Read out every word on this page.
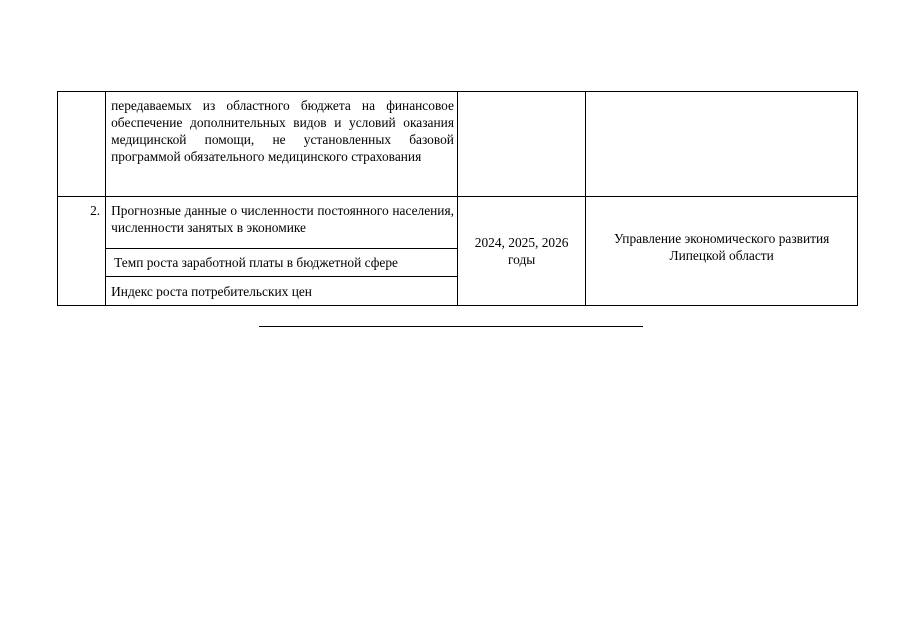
	передаваемых из областного бюджета на финансовое обеспечение дополнительных видов и условий оказания медицинской помощи, не установленных базовой программой обязательного медицинского страхования		
2.	Прогнозные данные о численности постоянного населения, численности занятых в экономике	2024, 2025, 2026 годы	Управление экономического развития Липецкой области
	Темп роста заработной платы в бюджетной сфере		
	Индекс роста потребительских цен		
